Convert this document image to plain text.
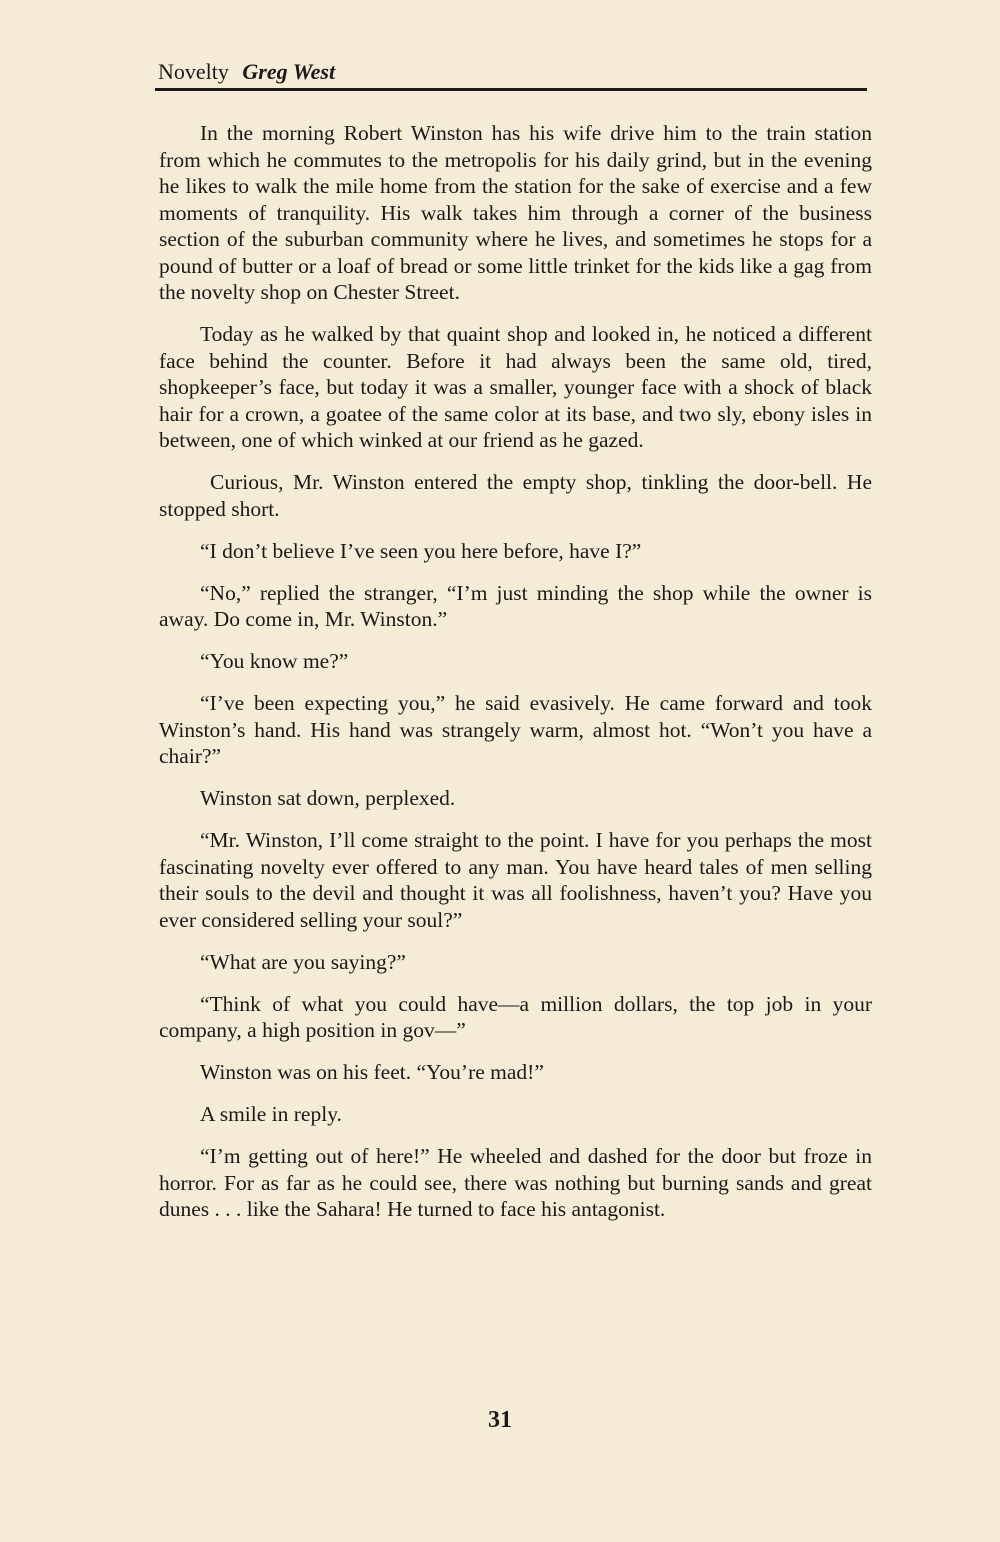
Novelty Greg West

In the morning Robert Winston has his wife drive him to the train station from which he commutes to the metropolis for his daily grind, but in the evening he likes to walk the mile home from the station for the sake of exercise and a few moments of tranquility. His walk takes him through a corner of the business section of the suburban community where he lives, and sometimes he stops for a pound of butter or a loaf of bread or some little trinket for the kids like a gag from the novelty shop on Chester Street.

Today as he walked by that quaint shop and looked in, he noticed a different face behind the counter. Before it had always been the same old, tired, shopkeeper’s face, but today it was a smaller, younger face with a shock of black hair for a crown, a goatee of the same color at its base, and two sly, ebony isles in between, one of which winked at our friend as he gazed.

Curious, Mr. Winston entered the empty shop, tinkling the door-bell. He stopped short.

“I don’t believe I’ve seen you here before, have I?”

“No,” replied the stranger, “I’m just minding the shop while the owner is away. Do come in, Mr. Winston.”

“You know me?”

“I’ve been expecting you,” he said evasively. He came forward and took Winston’s hand. His hand was strangely warm, almost hot. “Won’t you have a chair?”

Winston sat down, perplexed.

“Mr. Winston, I’ll come straight to the point. I have for you perhaps the most fascinating novelty ever offered to any man. You have heard tales of men selling their souls to the devil and thought it was all foolishness, haven’t you? Have you ever considered selling your soul?”

“What are you saying?”

“Think of what you could have—a million dollars, the top job in your company, a high position in gov—”

Winston was on his feet. “You’re mad!”

A smile in reply.

“I’m getting out of here!” He wheeled and dashed for the door but froze in horror. For as far as he could see, there was nothing but burning sands and great dunes . . . like the Sahara! He turned to face his antagonist.

31
